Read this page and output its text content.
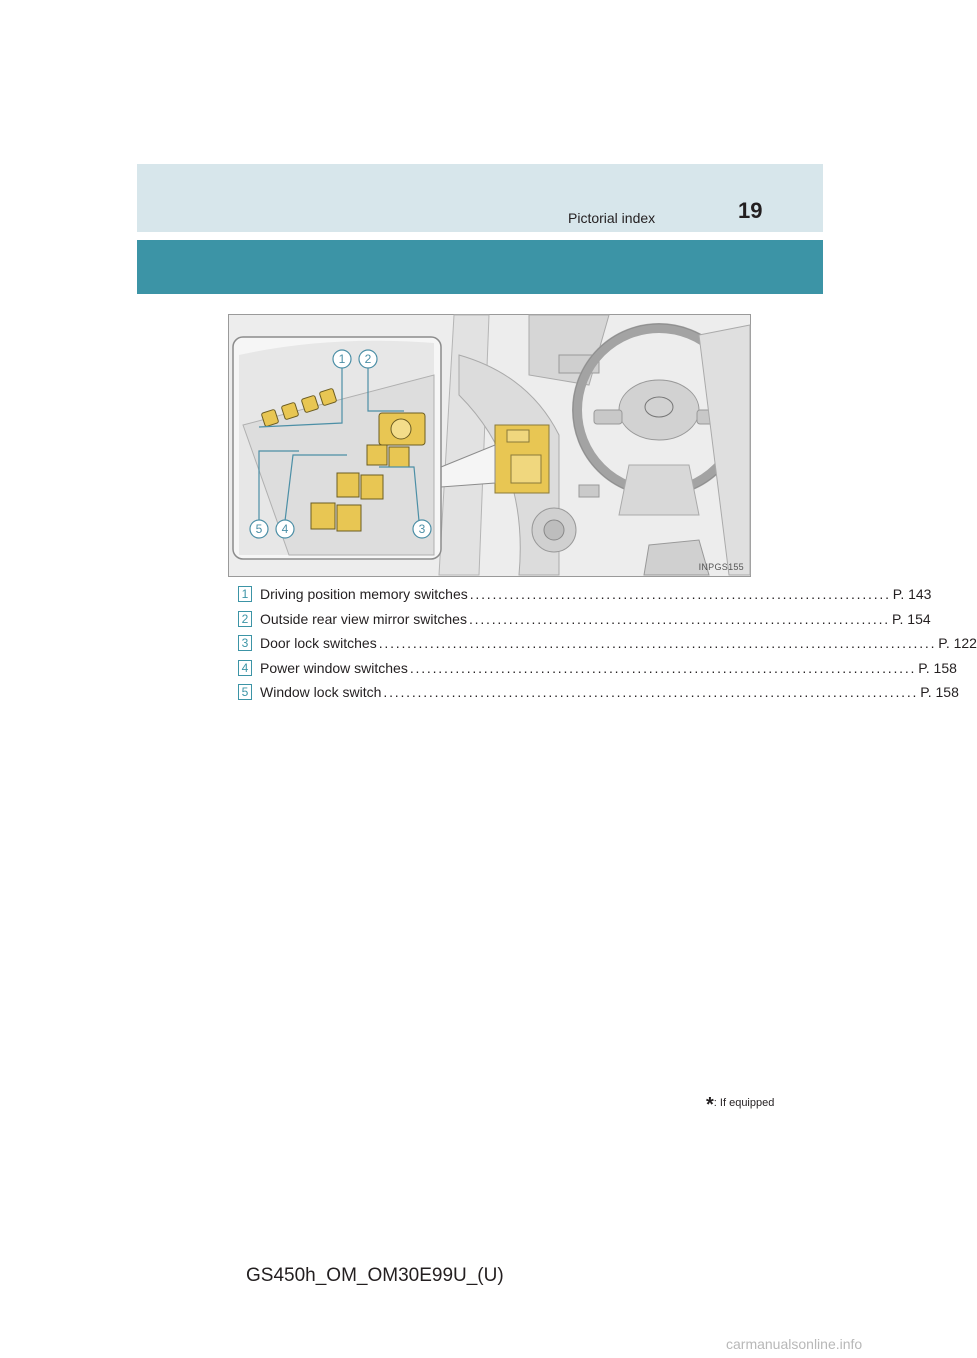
Pictorial index	19
1 2
3
4
5
INPGS155
1 Driving position memory switches .......................................................................... P. 143
2 Outside rear view mirror switches .......................................................................... P. 154
3 Door lock switches .................................................................................................. P. 122
4 Power window switches ......................................................................................... P. 158
5 Window lock switch .............................................................................................. P. 158
*: If equipped
GS450h_OM_OM30E99U_(U)
carmanualsonline.info
